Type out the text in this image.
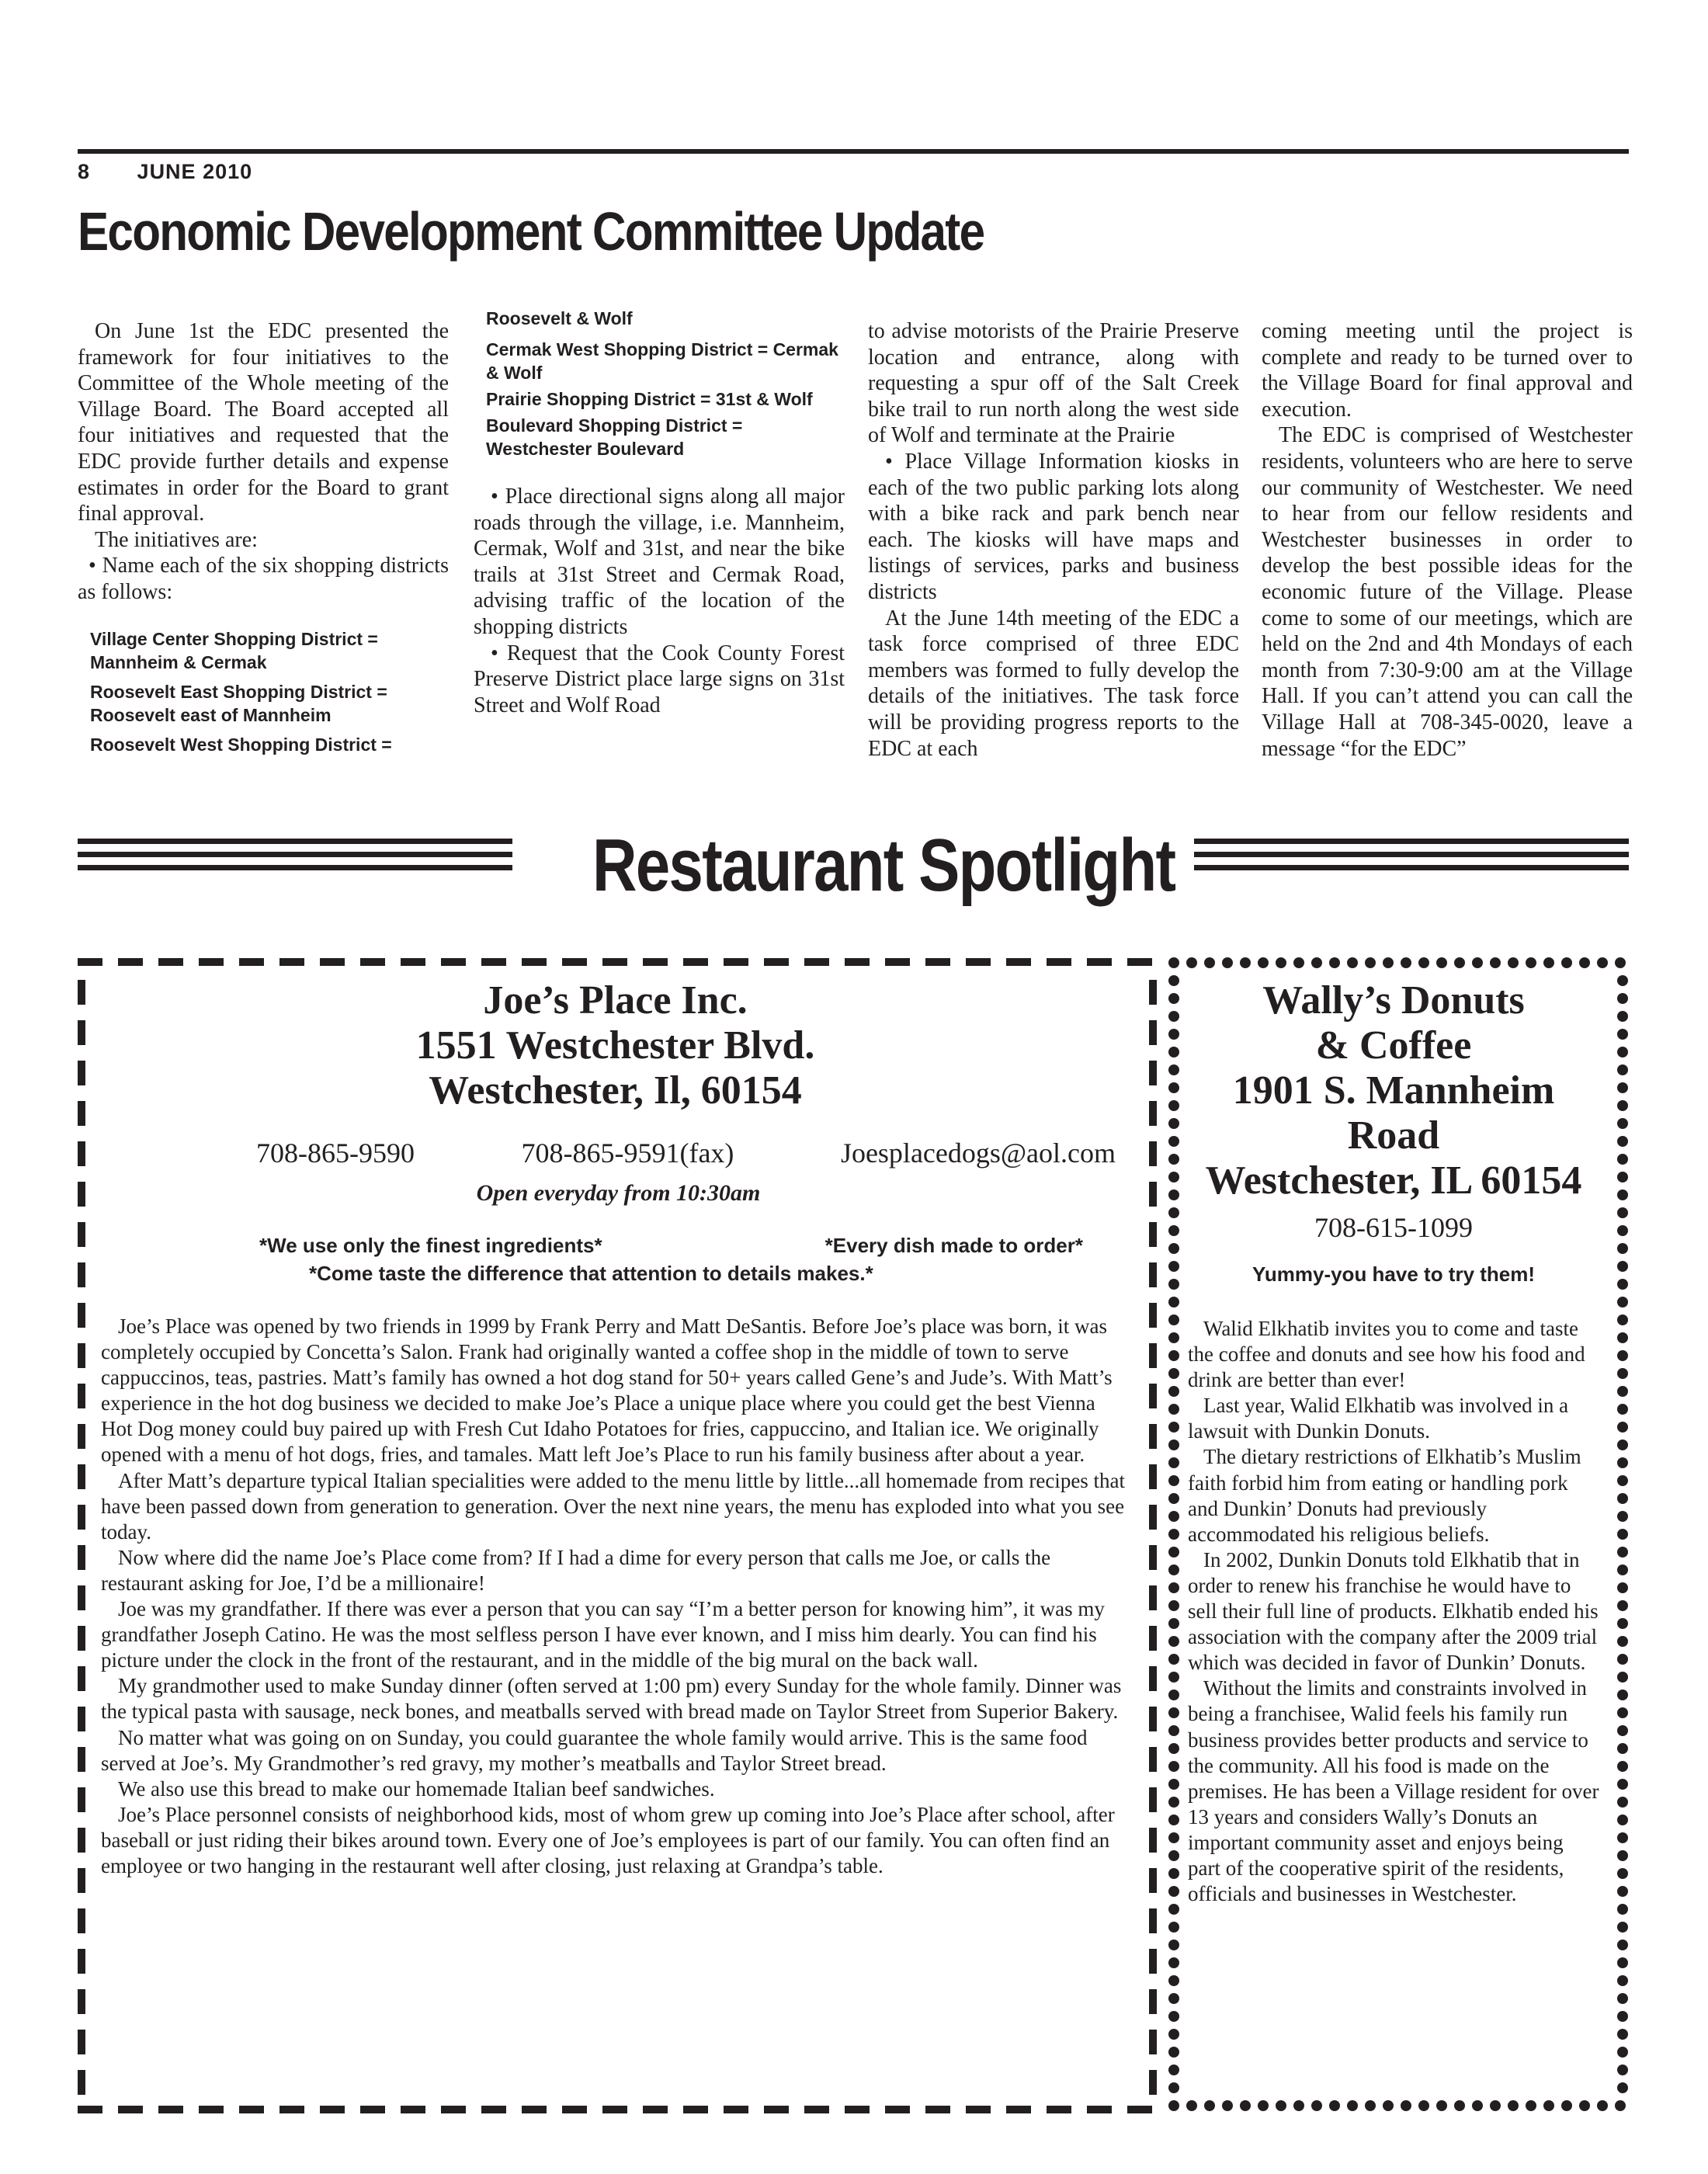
8 JUNE 2010
Economic Development Committee Update

On June 1st the EDC presented the framework for four initiatives to the Committee of the Whole meeting of the Village Board. The Board accepted all four initiatives and requested that the EDC provide further details and expense estimates in order for the Board to grant final approval.

The initiatives are:

• Name each of the six shopping districts as follows:

Village Center Shopping District = Mannheim & Cermak
Roosevelt East Shopping District = Roosevelt east of Mannheim
Roosevelt West Shopping District =
Roosevelt & Wolf
Cermak West Shopping District = Cermak & Wolf
Prairie Shopping District = 31st & Wolf
Boulevard Shopping District = Westchester Boulevard

• Place directional signs along all major roads through the village, i.e. Mannheim, Cermak, Wolf and 31st, and near the bike trails at 31st Street and Cermak Road, advising traffic of the location of the shopping districts

• Request that the Cook County Forest Preserve District place large signs on 31st Street and Wolf Road

to advise motorists of the Prairie Preserve location and entrance, along with requesting a spur off of the Salt Creek bike trail to run north along the west side of Wolf and terminate at the Prairie

• Place Village Information kiosks in each of the two public parking lots along with a bike rack and park bench near each. The kiosks will have maps and listings of services, parks and business districts

At the June 14th meeting of the EDC a task force comprised of three EDC members was formed to fully develop the details of the initiatives. The task force will be providing progress reports to the EDC at each

coming meeting until the project is complete and ready to be turned over to the Village Board for final approval and execution.

The EDC is comprised of Westchester residents, volunteers who are here to serve our community of Westchester. We need to hear from our fellow residents and Westchester businesses in order to develop the best possible ideas for the economic future of the Village. Please come to some of our meetings, which are held on the 2nd and 4th Mondays of each month from 7:30-9:00 am at the Village Hall. If you can’t attend you can call the Village Hall at 708-345-0020, leave a message “for the EDC”

Restaurant Spotlight
Joe’s Place Inc.
1551 Westchester Blvd.
Westchester, Il, 60154
708-865-9590	708-865-9591(fax)	Joesplacedogs@aol.com
Open everyday from 10:30am
*We use only the finest ingredients*	*Every dish made to order*
*Come taste the difference that attention to details makes.*

Joe’s Place was opened by two friends in 1999 by Frank Perry and Matt DeSantis. Before Joe’s place was born, it was completely occupied by Concetta’s Salon. Frank had originally wanted a coffee shop in the middle of town to serve cappuccinos, teas, pastries. Matt’s family has owned a hot dog stand for 50+ years called Gene’s and Jude’s. With Matt’s experience in the hot dog business we decided to make Joe’s Place a unique place where you could get the best Vienna Hot Dog money could buy paired up with Fresh Cut Idaho Potatoes for fries, cappuccino, and Italian ice. We originally opened with a menu of hot dogs, fries, and tamales. Matt left Joe’s Place to run his family business after about a year.

After Matt’s departure typical Italian specialities were added to the menu little by little...all homemade from recipes that have been passed down from generation to generation. Over the next nine years, the menu has exploded into what you see today.

Now where did the name Joe’s Place come from? If I had a dime for every person that calls me Joe, or calls the restaurant asking for Joe, I’d be a millionaire!

Joe was my grandfather. If there was ever a person that you can say “I’m a better person for knowing him”, it was my grandfather Joseph Catino. He was the most selfless person I have ever known, and I miss him dearly. You can find his picture under the clock in the front of the restaurant, and in the middle of the big mural on the back wall.

My grandmother used to make Sunday dinner (often served at 1:00 pm) every Sunday for the whole family. Dinner was the typical pasta with sausage, neck bones, and meatballs served with bread made on Taylor Street from Superior Bakery.

No matter what was going on on Sunday, you could guarantee the whole family would arrive. This is the same food served at Joe’s. My Grandmother’s red gravy, my mother’s meatballs and Taylor Street bread.

We also use this bread to make our homemade Italian beef sandwiches.

Joe’s Place personnel consists of neighborhood kids, most of whom grew up coming into Joe’s Place after school, after baseball or just riding their bikes around town. Every one of Joe’s employees is part of our family. You can often find an employee or two hanging in the restaurant well after closing, just relaxing at Grandpa’s table.

Wally’s Donuts
& Coffee
1901 S. Mannheim
Road
Westchester, IL 60154
708-615-1099
Yummy-you have to try them!

Walid Elkhatib invites you to come and taste the coffee and donuts and see how his food and drink are better than ever!

Last year, Walid Elkhatib was involved in a lawsuit with Dunkin Donuts.

The dietary restrictions of Elkhatib’s Muslim faith forbid him from eating or handling pork and Dunkin’ Donuts had previously accommodated his religious beliefs.

In 2002, Dunkin Donuts told Elkhatib that in order to renew his franchise he would have to sell their full line of products. Elkhatib ended his association with the company after the 2009 trial which was decided in favor of Dunkin’ Donuts.

Without the limits and constraints involved in being a franchisee, Walid feels his family run business provides better products and service to the community. All his food is made on the premises. He has been a Village resident for over 13 years and considers Wally’s Donuts an important community asset and enjoys being part of the cooperative spirit of the residents, officials and businesses in Westchester.
